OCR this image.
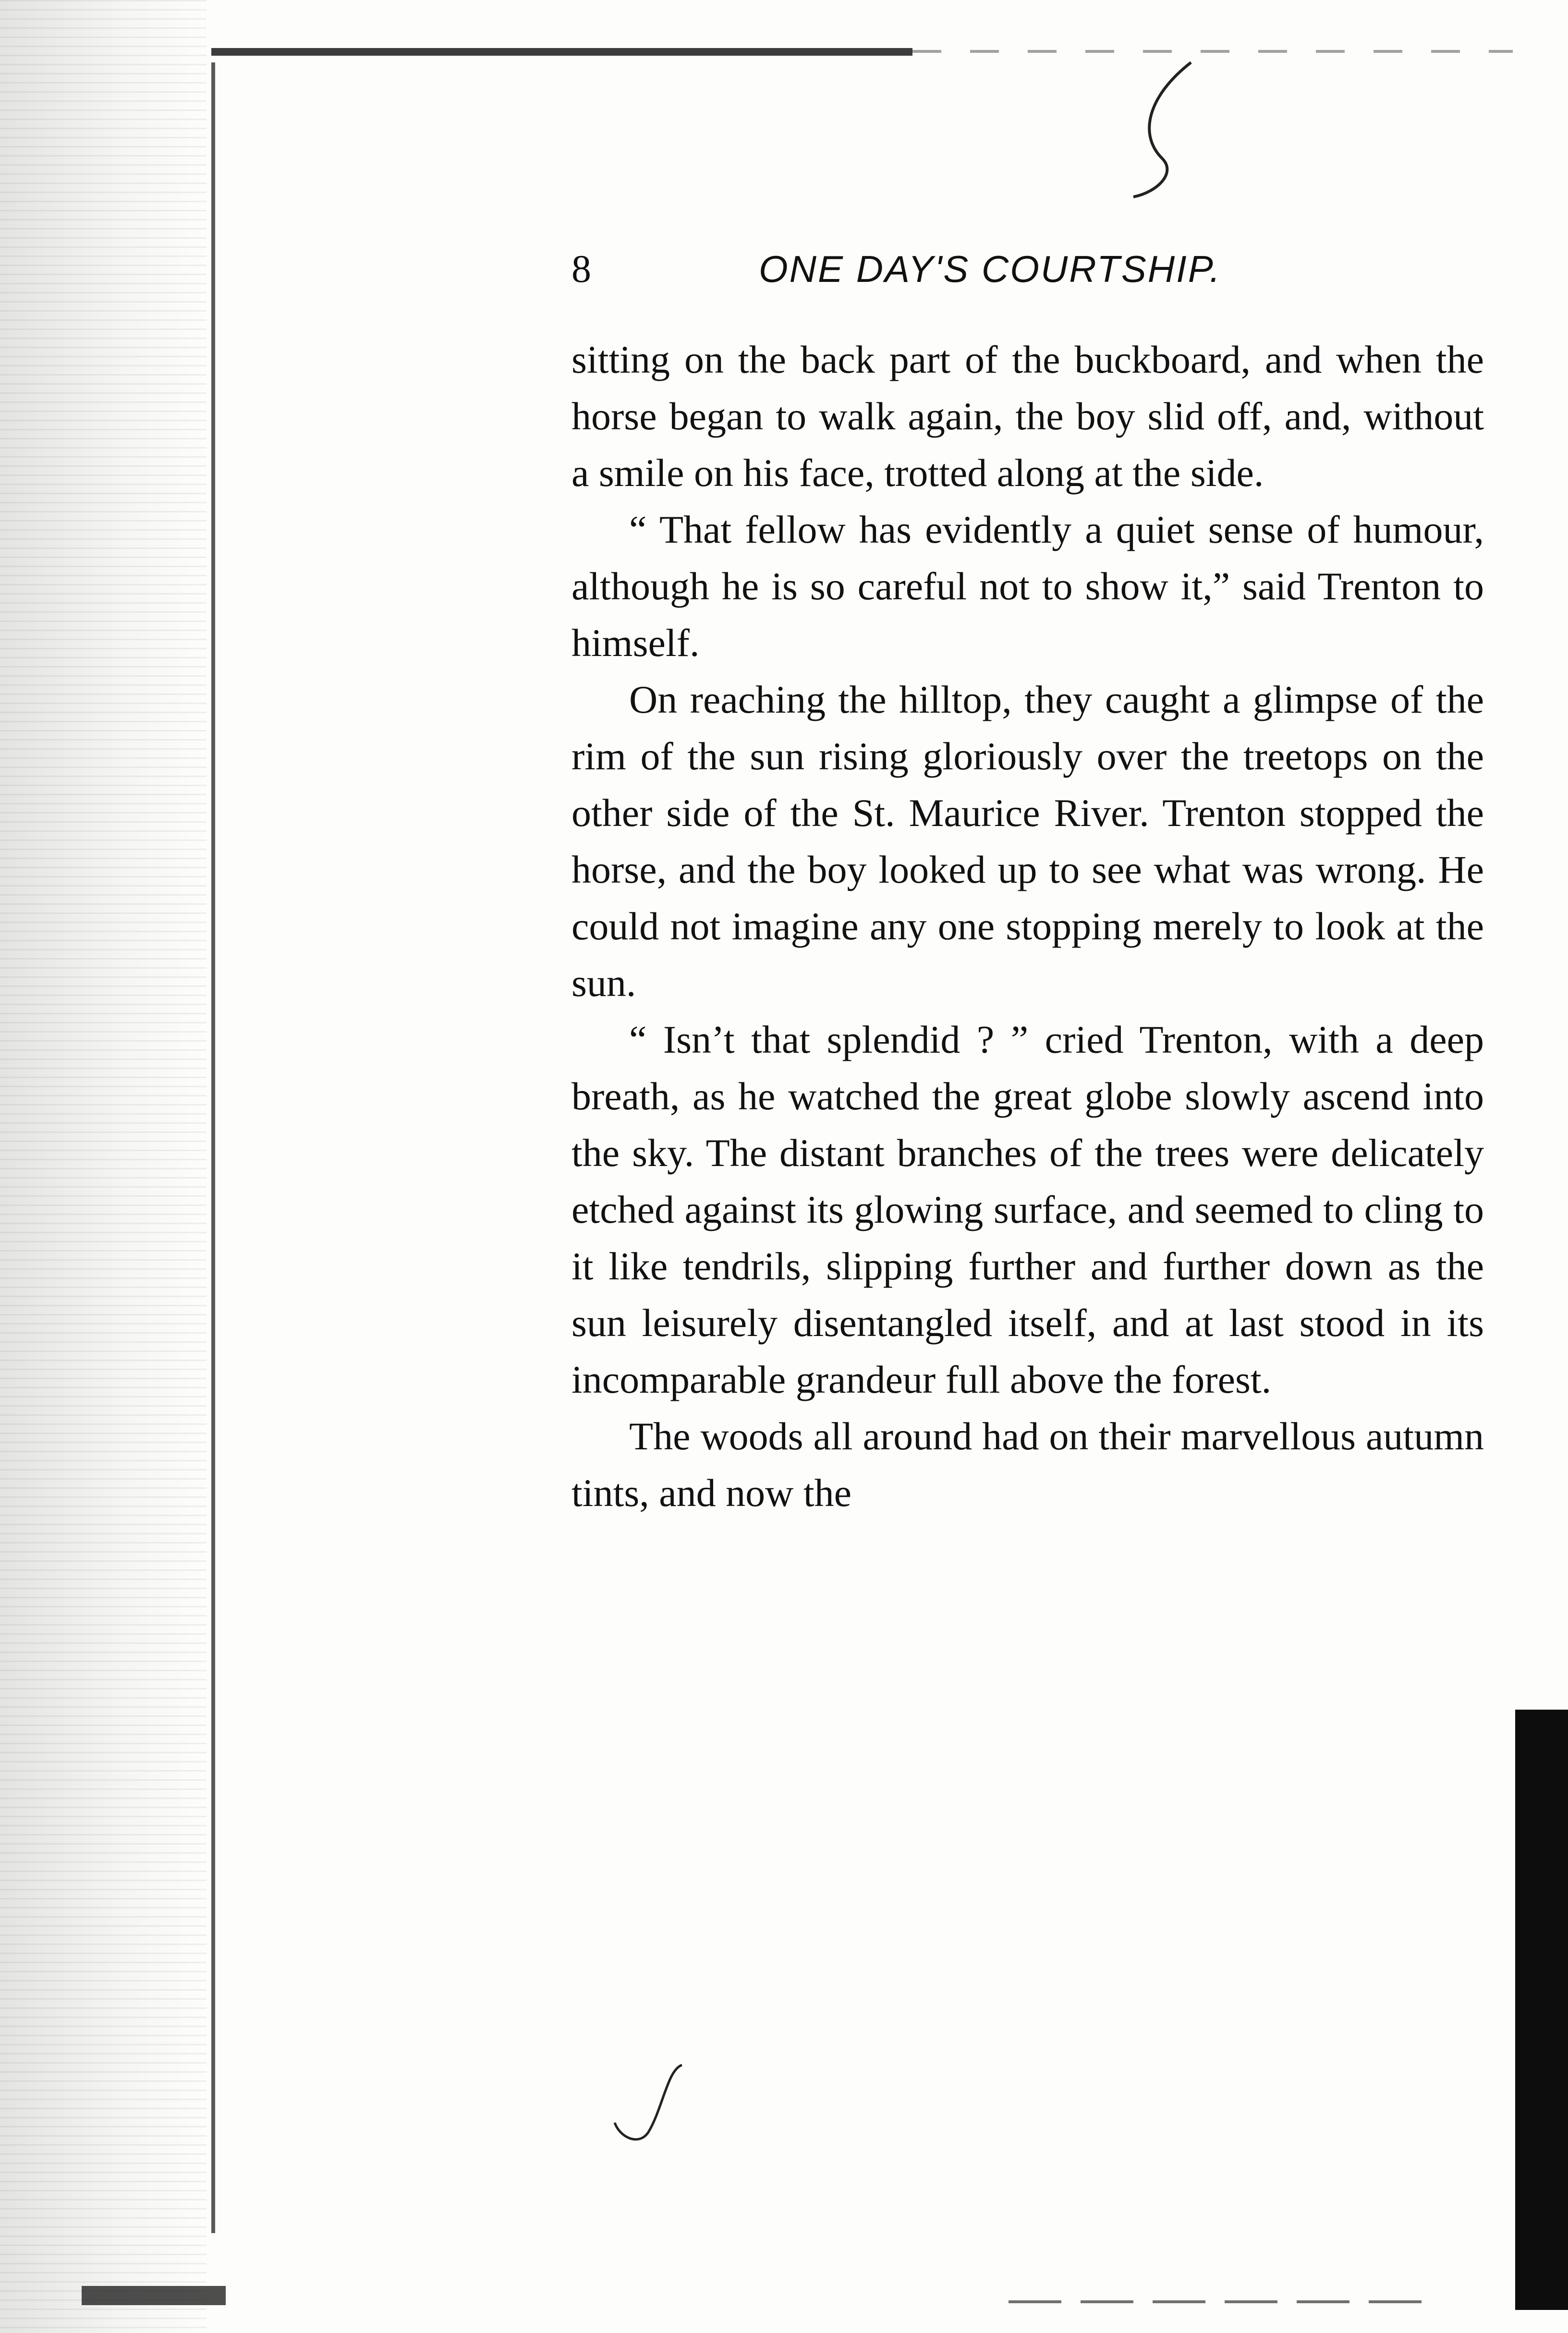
8	ONE DAY'S COURTSHIP.

sitting on the back part of the buckboard, and when the horse began to walk again, the boy slid off, and, without a smile on his face, trotted along at the side.

“ That fellow has evidently a quiet sense of humour, although he is so careful not to show it,” said Trenton to himself.

On reaching the hilltop, they caught a glimpse of the rim of the sun rising gloriously over the treetops on the other side of the St. Maurice River. Trenton stopped the horse, and the boy looked up to see what was wrong. He could not imagine any one stopping merely to look at the sun.

“ Isn’t that splendid ? ” cried Trenton, with a deep breath, as he watched the great globe slowly ascend into the sky. The distant branches of the trees were delicately etched against its glowing surface, and seemed to cling to it like tendrils, slipping further and further down as the sun leisurely disentangled itself, and at last stood in its incomparable grandeur full above the forest.

The woods all around had on their marvellous autumn tints, and now the
